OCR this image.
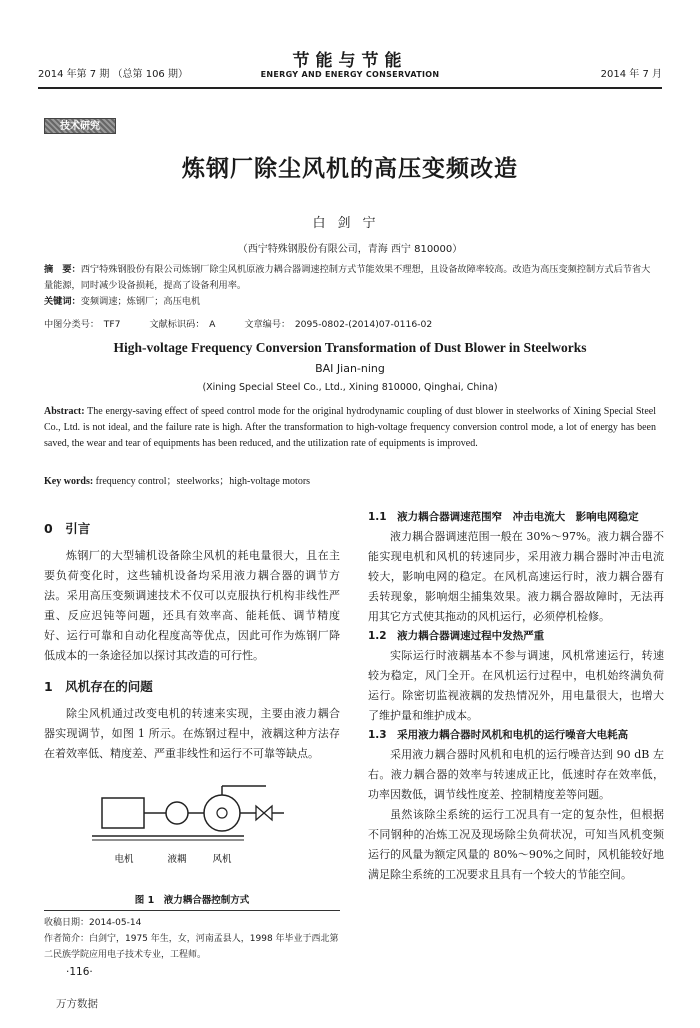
2014 年第 7 期 （总第 106 期）
节能与节能
ENERGY AND ENERGY CONSERVATION	2014 年 7 月
技术研究
炼钢厂除尘风机的高压变频改造
白剑宁
（西宁特殊钢股份有限公司，青海 西宁 810000）
摘　要：西宁特殊钢股份有限公司炼钢厂除尘风机原液力耦合器调速控制方式节能效果不理想，且设备故障率较高。改造为高压变频控制方式后节省大量能源，同时减少设备损耗，提高了设备利用率。
关键词：变频调速；炼钢厂；高压电机
中图分类号：　TF7	文献标识码：　A	文章编号：　2095-0802-(2014)07-0116-02
High-voltage Frequency Conversion Transformation of Dust Blower in Steelworks
BAI Jian-ning
(Xining Special Steel Co., Ltd., Xining 810000, Qinghai, China)
Abstract: The energy-saving effect of speed control mode for the original hydrodynamic coupling of dust blower in steelworks of Xining Special Steel Co., Ltd. is not ideal, and the failure rate is high. After the transformation to high-voltage frequency conversion control mode, a lot of energy has been saved, the wear and tear of equipments has been reduced, and the utilization rate of equipments is improved.
Key words: frequency control；steelworks；high-voltage motors
0　引言

炼钢厂的大型辅机设备除尘风机的耗电量很大，且在主要负荷变化时，这些辅机设备均采用液力耦合器的调节方法。采用高压变频调速技术不仅可以克服执行机构非线性严重、反应迟钝等问题，还具有效率高、能耗低、调节精度好、运行可靠和自动化程度高等优点，因此可作为炼钢厂降低成本的一条途径加以探讨其改造的可行性。

1　风机存在的问题

除尘风机通过改变电机的转速来实现，主要由液力耦合器实现调节，如图 1 所示。在炼钢过程中，液耦这种方法存在着效率低、精度差、严重非线性和运行不可靠等缺点。

电机	液耦	风机
图 1　液力耦合器控制方式
1.1　液力耦合器调速范围窄　冲击电流大　影响电网稳定

液力耦合器调速范围一般在 30%～97%。液力耦合器不能实现电机和风机的转速同步，采用液力耦合器时冲击电流较大，影响电网的稳定。在风机高速运行时，液力耦合器有丢转现象，影响烟尘捕集效果。液力耦合器故障时，无法再用其它方式使其拖动的风机运行，必须停机检修。

1.2　液力耦合器调速过程中发热严重

实际运行时液耦基本不参与调速，风机常速运行，转速较为稳定，风门全开。在风机运行过程中，电机始终满负荷运行。除密切监视液耦的发热情况外，用电量很大，也增大了维护量和维护成本。

1.3　采用液力耦合器时风机和电机的运行噪音大电耗高

采用液力耦合器时风机和电机的运行噪音达到 90 dB 左右。液力耦合器的效率与转速成正比，低速时存在效率低，功率因数低，调节线性度差、控制精度差等问题。

虽然该除尘系统的运行工况具有一定的复杂性，但根据不同钢种的冶炼工况及现场除尘负荷状况，可知当风机变频运行的风量为额定风量的 80%～90%之间时，风机能较好地满足除尘系统的工况要求且具有一个较大的节能空间。

收稿日期：2014-05-14
作者简介：白剑宁，1975 年生，女，河南孟县人，1998 年毕业于西北第二民族学院应用电子技术专业，工程师。
·116·
万方数据
